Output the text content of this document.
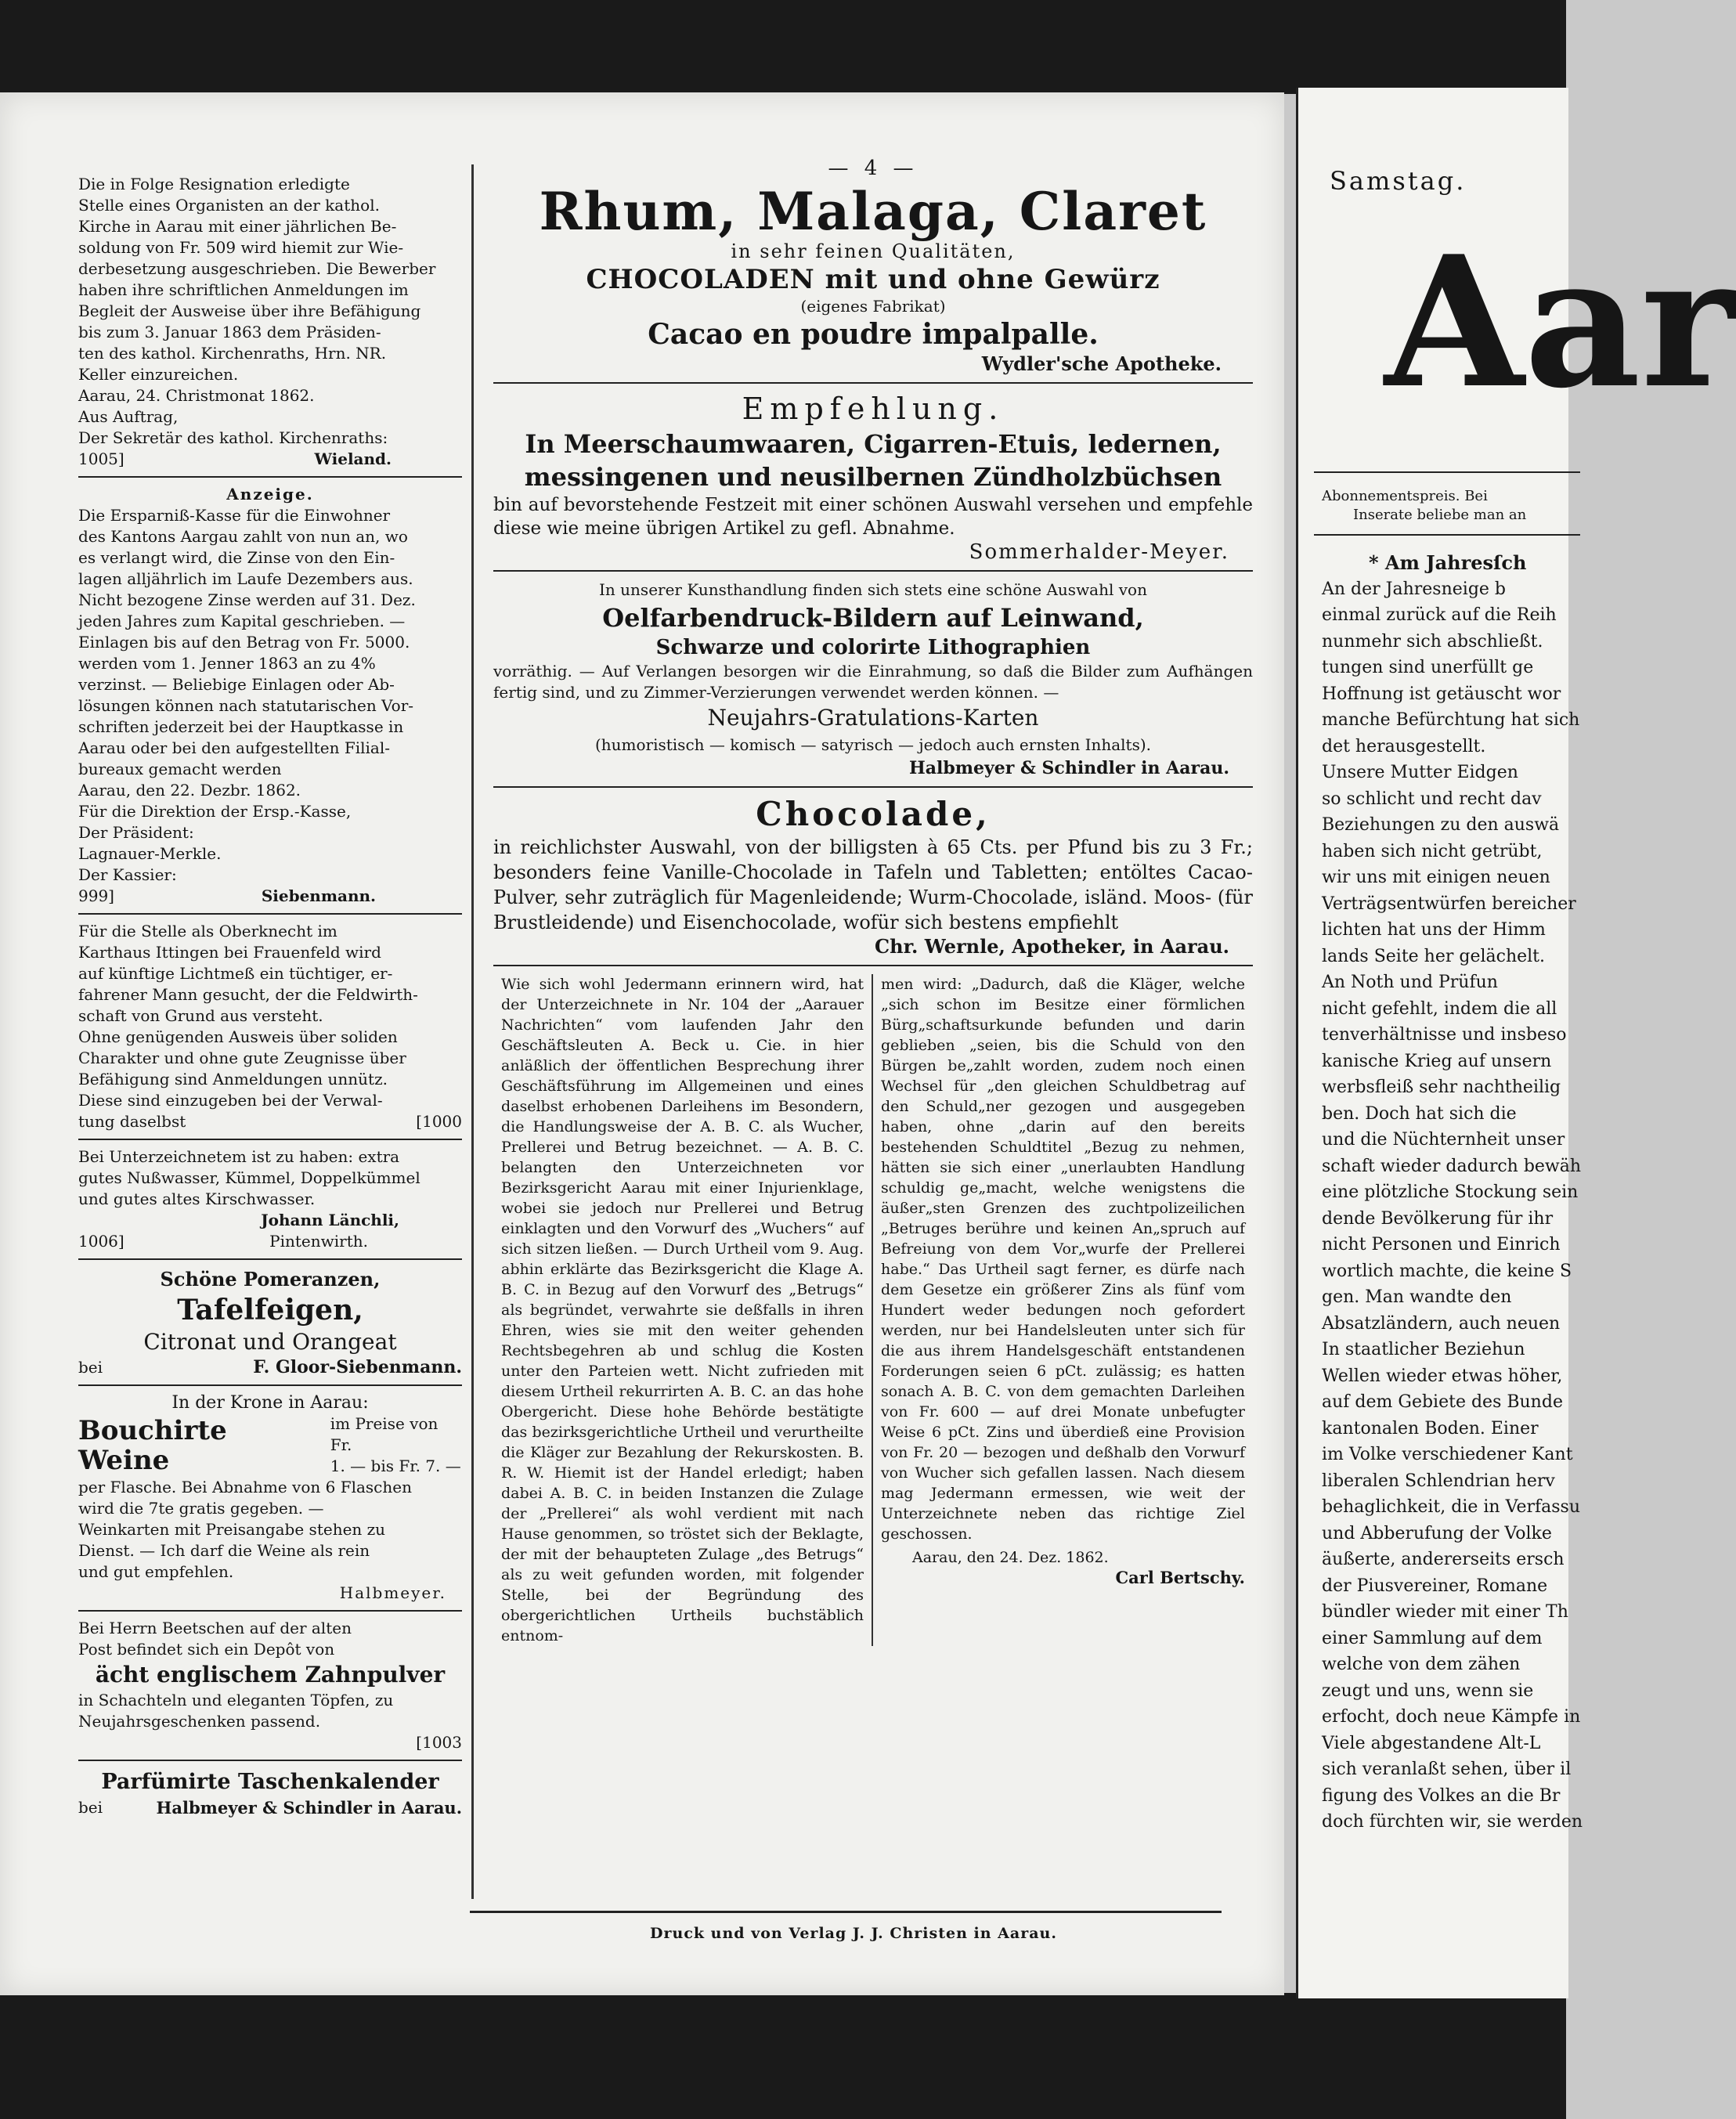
Die in Folge Resignation erledigte
Stelle eines Organisten an der kathol.
Kirche in Aarau mit einer jährlichen Be-
soldung von Fr. 509 wird hiemit zur Wie-
derbesetzung ausgeschrieben. Die Bewerber
haben ihre schriftlichen Anmeldungen im
Begleit der Ausweise über ihre Befähigung
bis zum 3. Januar 1863 dem Präsiden-
ten des kathol. Kirchenraths, Hrn. NR.
Keller einzureichen.
Aarau, 24. Christmonat 1862.
Aus Auftrag,
Der Sekretär des kathol. Kirchenraths:
1005]	Wieland.
Anzeige.
Die Ersparniß-Kasse für die Einwohner
des Kantons Aargau zahlt von nun an, wo
es verlangt wird, die Zinse von den Ein-
lagen alljährlich im Laufe Dezembers aus.
Nicht bezogene Zinse werden auf 31. Dez.
jeden Jahres zum Kapital geschrieben. —
Einlagen bis auf den Betrag von Fr. 5000.
werden vom 1. Jenner 1863 an zu 4%
verzinst. — Beliebige Einlagen oder Ab-
lösungen können nach statutarischen Vor-
schriften jederzeit bei der Hauptkasse in
Aarau oder bei den aufgestellten Filial-
bureaux gemacht werden
Aarau, den 22. Dezbr. 1862.
Für die Direktion der Ersp.-Kasse,
Der Präsident:
Lagnauer-Merkle.
Der Kassier:
999]	Siebenmann.
Für die Stelle als Oberknecht im
Karthaus Ittingen bei Frauenfeld wird
auf künftige Lichtmeß ein tüchtiger, er-
fahrener Mann gesucht, der die Feldwirth-
schaft von Grund aus versteht.
Ohne genügenden Ausweis über soliden
Charakter und ohne gute Zeugnisse über
Befähigung sind Anmeldungen unnütz.
Diese sind einzugeben bei der Verwal-
tung daselbst	[1000
Bei Unterzeichnetem ist zu haben: extra
gutes Nußwasser, Kümmel, Doppelkümmel
und gutes altes Kirschwasser.
Johann Länchli,
1006]	Pintenwirth.
Schöne Pomeranzen,
Tafelfeigen,
Citronat und Orangeat
bei	F. Gloor-Siebenmann.
In der Krone in Aarau:
Bouchirte Weine
im Preise von Fr.
1. — bis Fr. 7. —
per Flasche. Bei Abnahme von 6 Flaschen
wird die 7te gratis gegeben. —
Weinkarten mit Preisangabe stehen zu
Dienst. — Ich darf die Weine als rein
und gut empfehlen.
Halbmeyer.
Bei Herrn Beetschen auf der alten
Post befindet sich ein Depôt von
ächt englischem Zahnpulver
in Schachteln und eleganten Töpfen, zu
Neujahrsgeschenken passend.
[1003
Parfümirte Taschenkalender
bei	Halbmeyer & Schindler in Aarau.
— 4 —
Rhum, Malaga, Claret
in sehr feinen Qualitäten,
CHOCOLADEN mit und ohne Gewürz
(eigenes Fabrikat)
Cacao en poudre impalpalle.
Wydler'sche Apotheke.
Empfehlung.
In Meerschaumwaaren, Cigarren-Etuis, ledernen,
messingenen und neusilbernen Zündholzbüchsen

bin auf bevorstehende Festzeit mit einer schönen Auswahl versehen und empfehle diese wie meine übrigen Artikel zu gefl. Abnahme.

Sommerhalder-Meyer.
In unserer Kunsthandlung finden sich stets eine schöne Auswahl von
Oelfarbendruck-Bildern auf Leinwand,
Schwarze und colorirte Lithographien

vorräthig. — Auf Verlangen besorgen wir die Einrahmung, so daß die Bilder zum Aufhängen fertig sind, und zu Zimmer-Verzierungen verwendet werden können. —

Neujahrs-Gratulations-Karten
(humoristisch — komisch — satyrisch — jedoch auch ernsten Inhalts).
Halbmeyer & Schindler in Aarau.
Chocolade,

in reichlichster Auswahl, von der billigsten à 65 Cts. per Pfund bis zu 3 Fr.; besonders feine Vanille-Chocolade in Tafeln und Tabletten; entöltes Cacao-Pulver, sehr zuträglich für Magenleidende; Wurm-Chocolade, isländ. Moos- (für Brustleidende) und Eisenchocolade, wofür sich bestens empfiehlt

Chr. Wernle, Apotheker, in Aarau.
Wie sich wohl Jedermann erinnern wird, hat der Unterzeichnete in Nr. 104 der „Aarauer Nachrichten“ vom laufenden Jahr den Geschäftsleuten A. Beck u. Cie. in hier anläßlich der öffentlichen Besprechung ihrer Geschäftsführung im Allgemeinen und eines daselbst erhobenen Darleihens im Besondern, die Handlungsweise der A. B. C. als Wucher, Prellerei und Betrug bezeichnet. — A. B. C. belangten den Unterzeichneten vor Bezirksgericht Aarau mit einer Injurienklage, wobei sie jedoch nur Prellerei und Betrug einklagten und den Vorwurf des „Wuchers“ auf sich sitzen ließen. — Durch Urtheil vom 9. Aug. abhin erklärte das Bezirksgericht die Klage A. B. C. in Bezug auf den Vorwurf des „Betrugs“ als begründet, verwahrte sie deßfalls in ihren Ehren, wies sie mit den weiter gehenden Rechtsbegehren ab und schlug die Kosten unter den Parteien wett. Nicht zufrieden mit diesem Urtheil rekurrirten A. B. C. an das hohe Obergericht. Diese hohe Behörde bestätigte das bezirksgerichtliche Urtheil und verurtheilte die Kläger zur Bezahlung der Rekurskosten. B. R. W. Hiemit ist der Handel erledigt; haben dabei A. B. C. in beiden Instanzen die Zulage der „Prellerei“ als wohl verdient mit nach Hause genommen, so tröstet sich der Beklagte, der mit der behaupteten Zulage „des Betrugs“ als zu weit gefunden worden, mit folgender Stelle, bei der Begründung des obergerichtlichen Urtheils buchstäblich entnom-
men wird: „Dadurch, daß die Kläger, welche „sich schon im Besitze einer förmlichen Bürg„schaftsurkunde befunden und darin geblieben „seien, bis die Schuld von den Bürgen be„zahlt worden, zudem noch einen Wechsel für „den gleichen Schuldbetrag auf den Schuld„ner gezogen und ausgegeben haben, ohne „darin auf den bereits bestehenden Schuldtitel „Bezug zu nehmen, hätten sie sich einer „unerlaubten Handlung schuldig ge„macht, welche wenigstens die äußer„sten Grenzen des zuchtpolizeilichen „Betruges berühre und keinen An„spruch auf Befreiung von dem Vor„wurfe der Prellerei habe.“ Das Urtheil sagt ferner, es dürfe nach dem Gesetze ein größerer Zins als fünf vom Hundert weder bedungen noch gefordert werden, nur bei Handelsleuten unter sich für die aus ihrem Handelsgeschäft entstandenen Forderungen seien 6 pCt. zulässig; es hatten sonach A. B. C. von dem gemachten Darleihen von Fr. 600 — auf drei Monate unbefugter Weise 6 pCt. Zins und überdieß eine Provision von Fr. 20 — bezogen und deßhalb den Vorwurf von Wucher sich gefallen lassen. Nach diesem mag Jedermann ermessen, wie weit der Unterzeichnete neben das richtige Ziel geschossen.
Aarau, den 24. Dez. 1862.
Carl Bertschy.
Druck und von Verlag J. J. Christen in Aarau.
Samstag.
Aar
Abonnementspreis. Bei
Inserate beliebe man an
* Am Jahresſch
An der Jahresneige b
einmal zurück auf die Reih
nunmehr sich abschließt.
tungen sind unerfüllt ge
Hoffnung ist getäuscht wor
manche Befürchtung hat sich
det herausgestellt.
Unsere Mutter Eidgen
so schlicht und recht dav
Beziehungen zu den auswä
haben sich nicht getrübt,
wir uns mit einigen neuen
Verträgsentwürfen bereicher
lichten hat uns der Himm
lands Seite her gelächelt.
An Noth und Prüfun
nicht gefehlt, indem die all
tenverhältnisse und insbeso
kanische Krieg auf unsern
werbsfleiß sehr nachtheilig
ben. Doch hat sich die
und die Nüchternheit unser
schaft wieder dadurch bewäh
eine plötzliche Stockung sein
dende Bevölkerung für ihr
nicht Personen und Einrich
wortlich machte, die keine S
gen. Man wandte den
Absatzländern, auch neuen
In staatlicher Beziehun
Wellen wieder etwas höher,
auf dem Gebiete des Bunde
kantonalen Boden. Einer
im Volke verschiedener Kant
liberalen Schlendrian herv
behaglichkeit, die in Verfassu
und Abberufung der Volke
äußerte, andererseits ersch
der Piusvereiner, Romane
bündler wieder mit einer Th
einer Sammlung auf dem
welche von dem zähen
zeugt und uns, wenn sie
erfocht, doch neue Kämpfe in
Viele abgestandene Alt-L
sich veranlaßt sehen, über il
figung des Volkes an die Br
doch fürchten wir, sie werden
